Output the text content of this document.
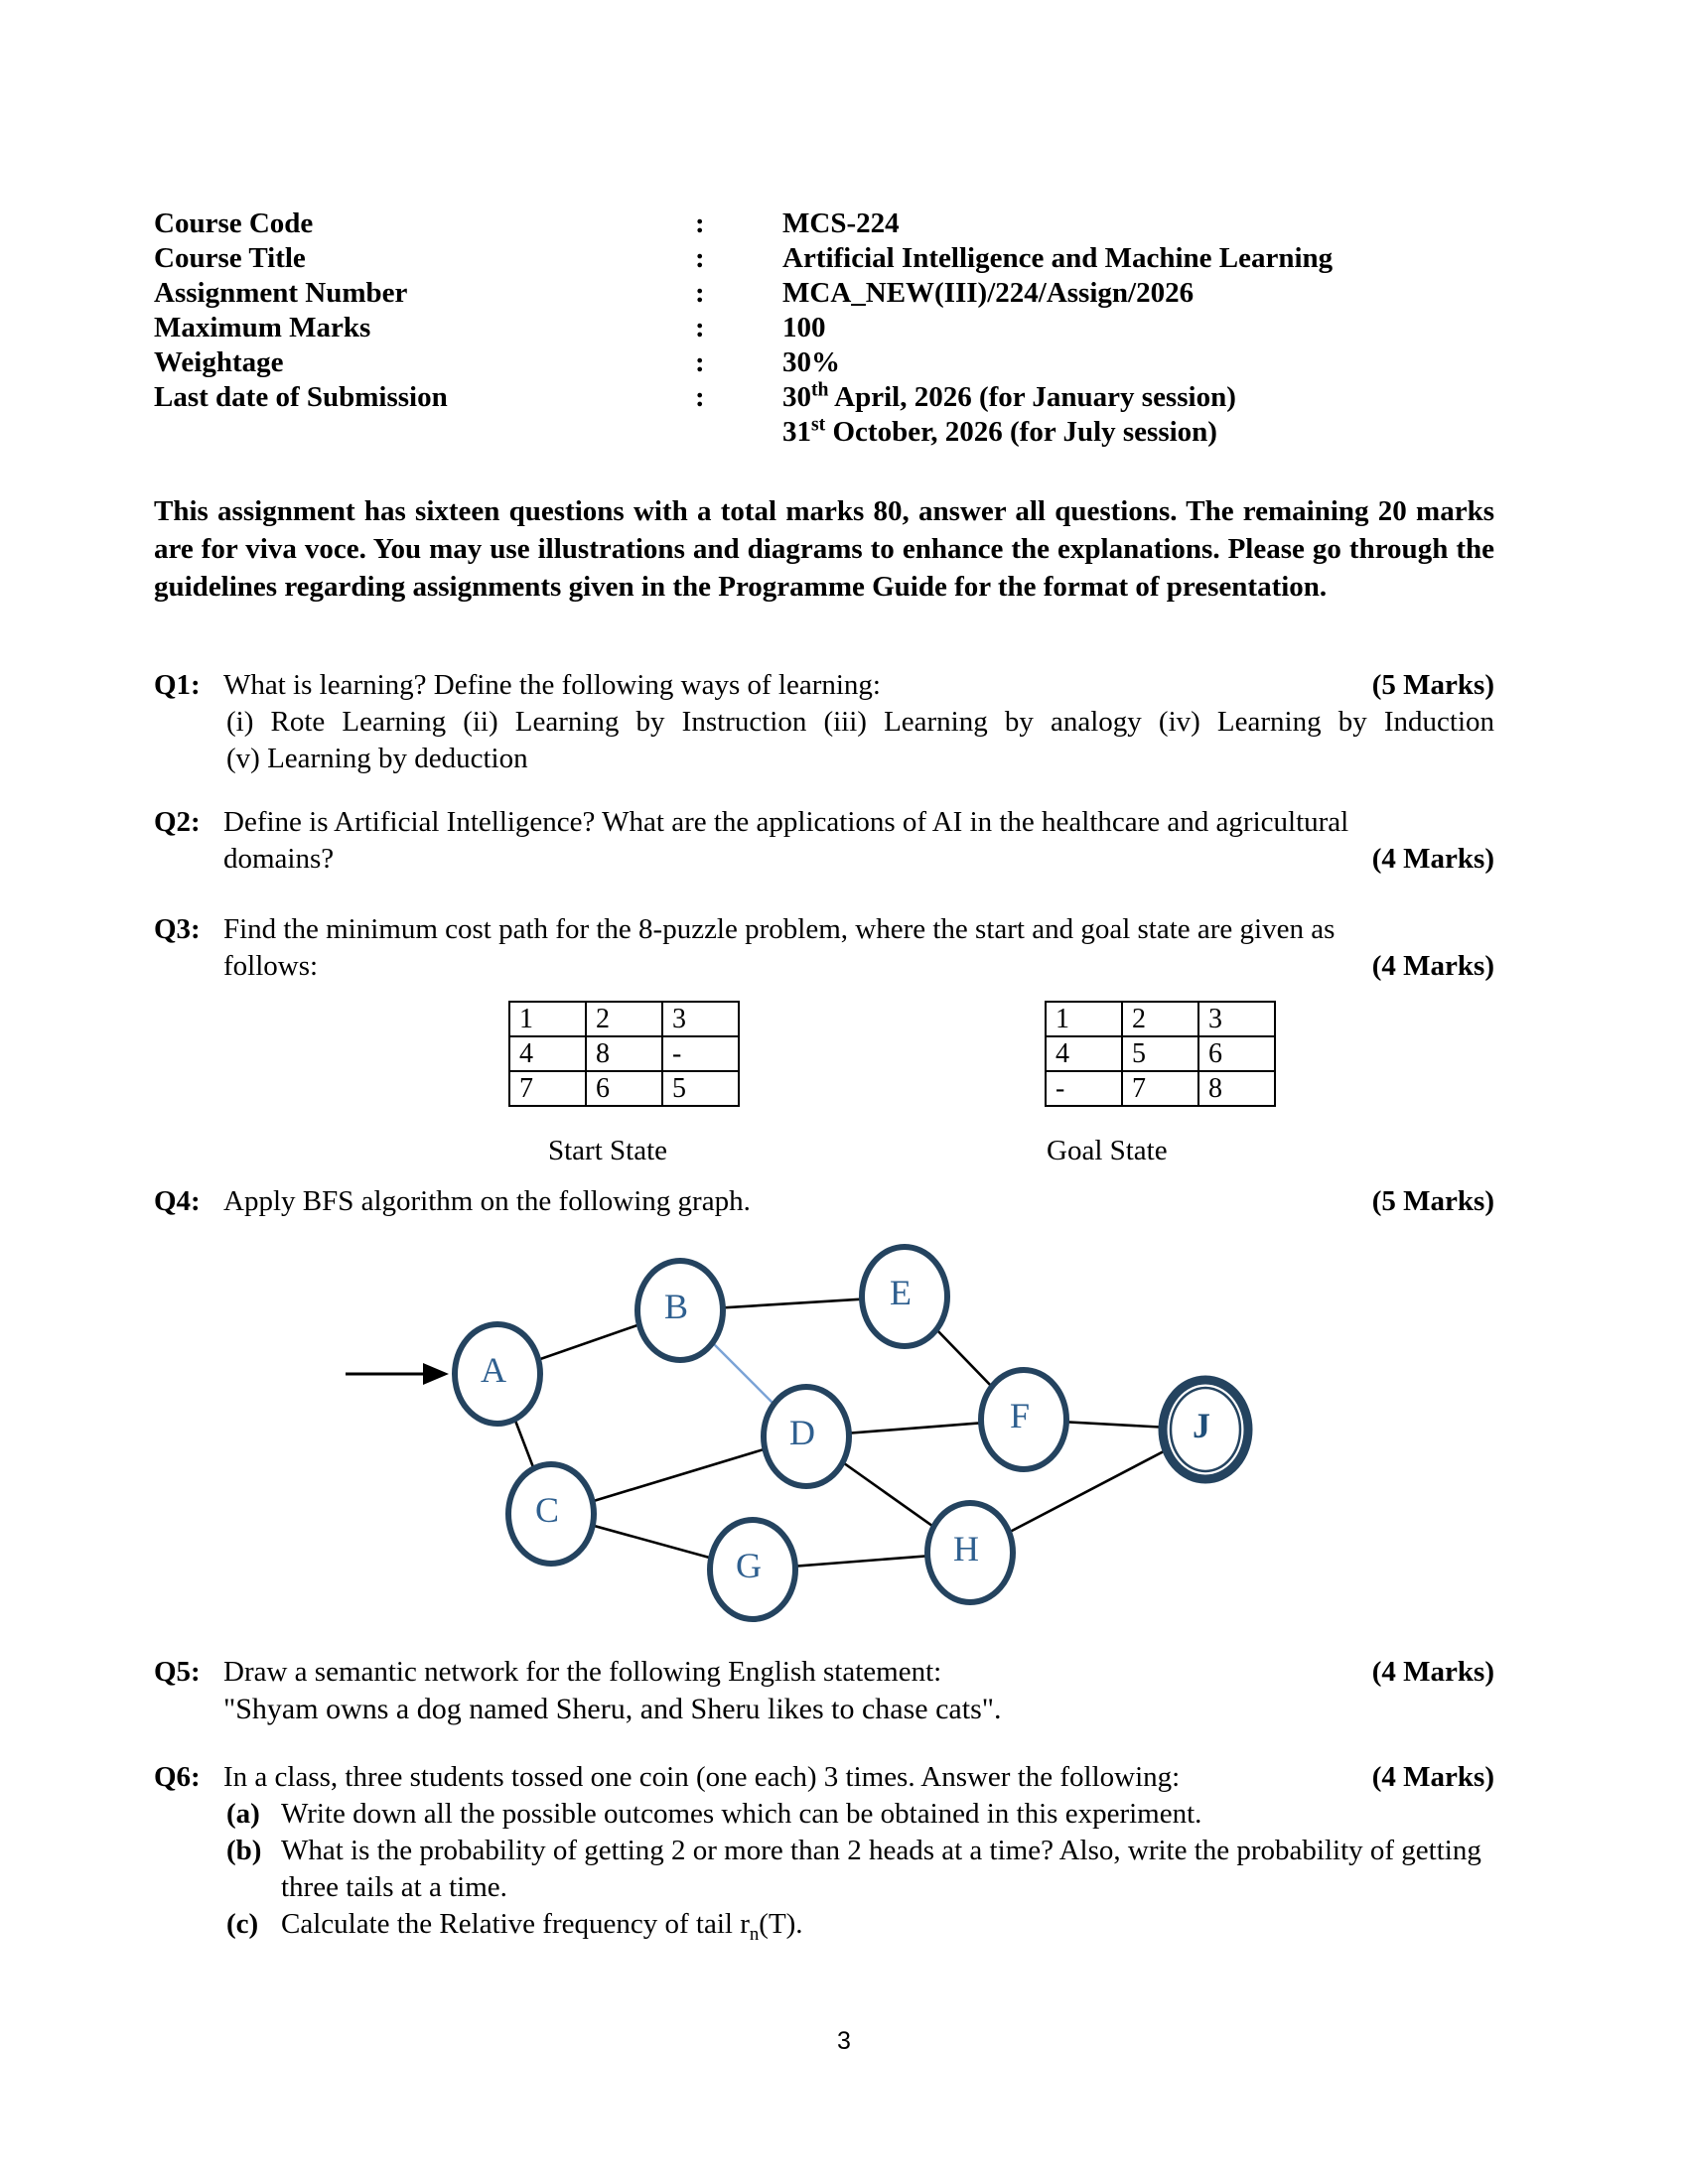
Course Code	:	MCS-224
Course Title	:	Artificial Intelligence and Machine Learning
Assignment Number	:	MCA_NEW(III)/224/Assign/2026
Maximum Marks	:	100
Weightage	:	30%
Last date of Submission	:	30th April, 2026 (for January session)
31st October, 2026 (for July session)
This assignment has sixteen questions with a total marks 80, answer all questions. The remaining 20 marks are for viva voce. You may use illustrations and diagrams to enhance the explanations. Please go through the guidelines regarding assignments given in the Programme Guide for the format of presentation.
Q1: What is learning? Define the following ways of learning:	(5 Marks)
(i) Rote Learning (ii) Learning by Instruction (iii) Learning by analogy (iv) Learning by Induction
(v) Learning by deduction
Q2: Define is Artificial Intelligence? What are the applications of AI in the healthcare and agricultural
domains?	(4 Marks)
Q3: Find the minimum cost path for the 8-puzzle problem, where the start and goal state are given as
follows:	(4 Marks)
1	2	3
4	8	-
7	6	5
Start State
1	2	3
4	5	6
-	7	8
Goal State
Q4: Apply BFS algorithm on the following graph.	(5 Marks)
A
B
C
D
E
F
G	H
J
Q5: Draw a semantic network for the following English statement:	(4 Marks)
"Shyam owns a dog named Sheru, and Sheru likes to chase cats".
Q6: In a class, three students tossed one coin (one each) 3 times. Answer the following:	(4 Marks)
(a) Write down all the possible outcomes which can be obtained in this experiment.
(b) What is the probability of getting 2 or more than 2 heads at a time? Also, write the probability of getting three tails at a time.
(c) Calculate the Relative frequency of tail $r_n(T)$.
3
